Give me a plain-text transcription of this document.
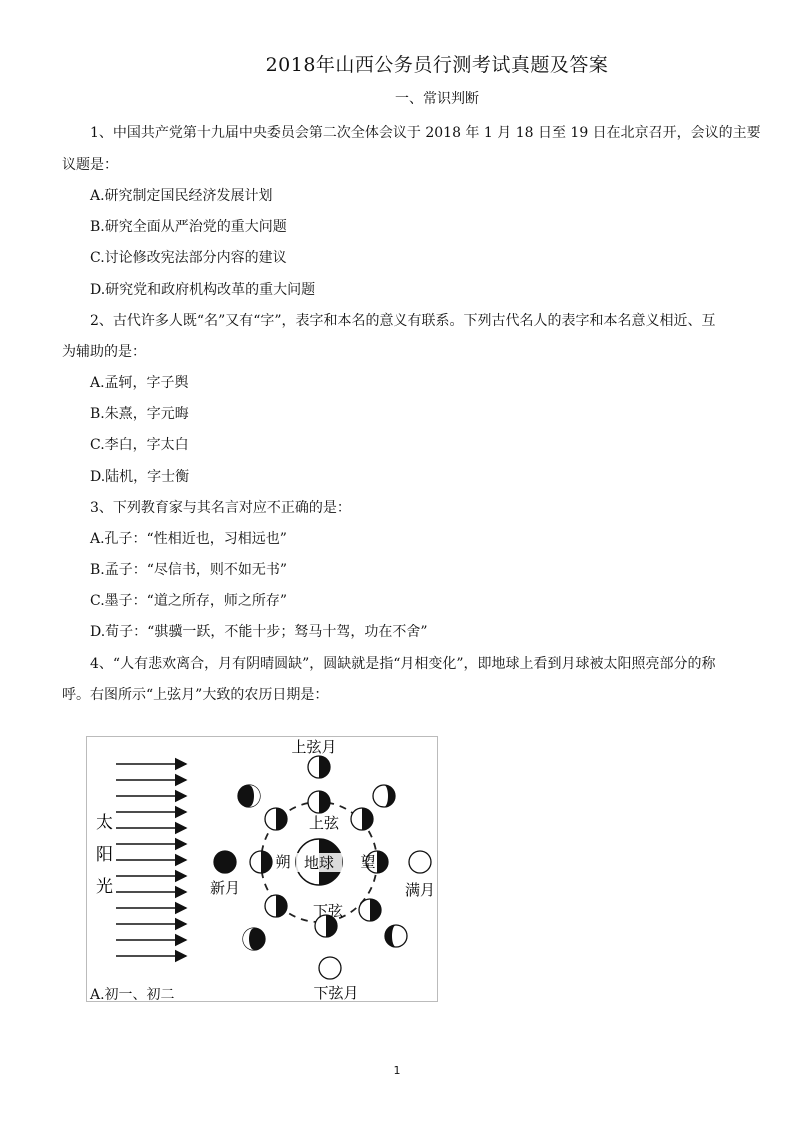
2018年山西公务员行测考试真题及答案
一、常识判断
1、中国共产党第十九届中央委员会第二次全体会议于 2018 年 1 月 18 日至 19 日在北京召开，会议的主要
议题是：
A.研究制定国民经济发展计划
B.研究全面从严治党的重大问题
C.讨论修改宪法部分内容的建议
D.研究党和政府机构改革的重大问题
2、古代许多人既“名”又有“字”，表字和本名的意义有联系。下列古代名人的表字和本名意义相近、互
为辅助的是：
A.孟轲，字子舆
B.朱熹，字元晦
C.李白，字太白
D.陆机，字士衡
3、下列教育家与其名言对应不正确的是：
A.孔子：“性相近也，习相远也”
B.孟子：“尽信书，则不如无书”
C.墨子：“道之所存，师之所存”
D.荀子：“骐骥一跃，不能十步；驽马十驾，功在不舍”
4、“人有悲欢离合，月有阴晴圆缺”，圆缺就是指“月相变化”，即地球上看到月球被太阳照亮部分的称
呼。右图所示“上弦月”大致的农历日期是：
太
阳
光
地球
上弦月
新月	满月
下弦月
朔	望
上弦
下弦
A.初一、初二
1
